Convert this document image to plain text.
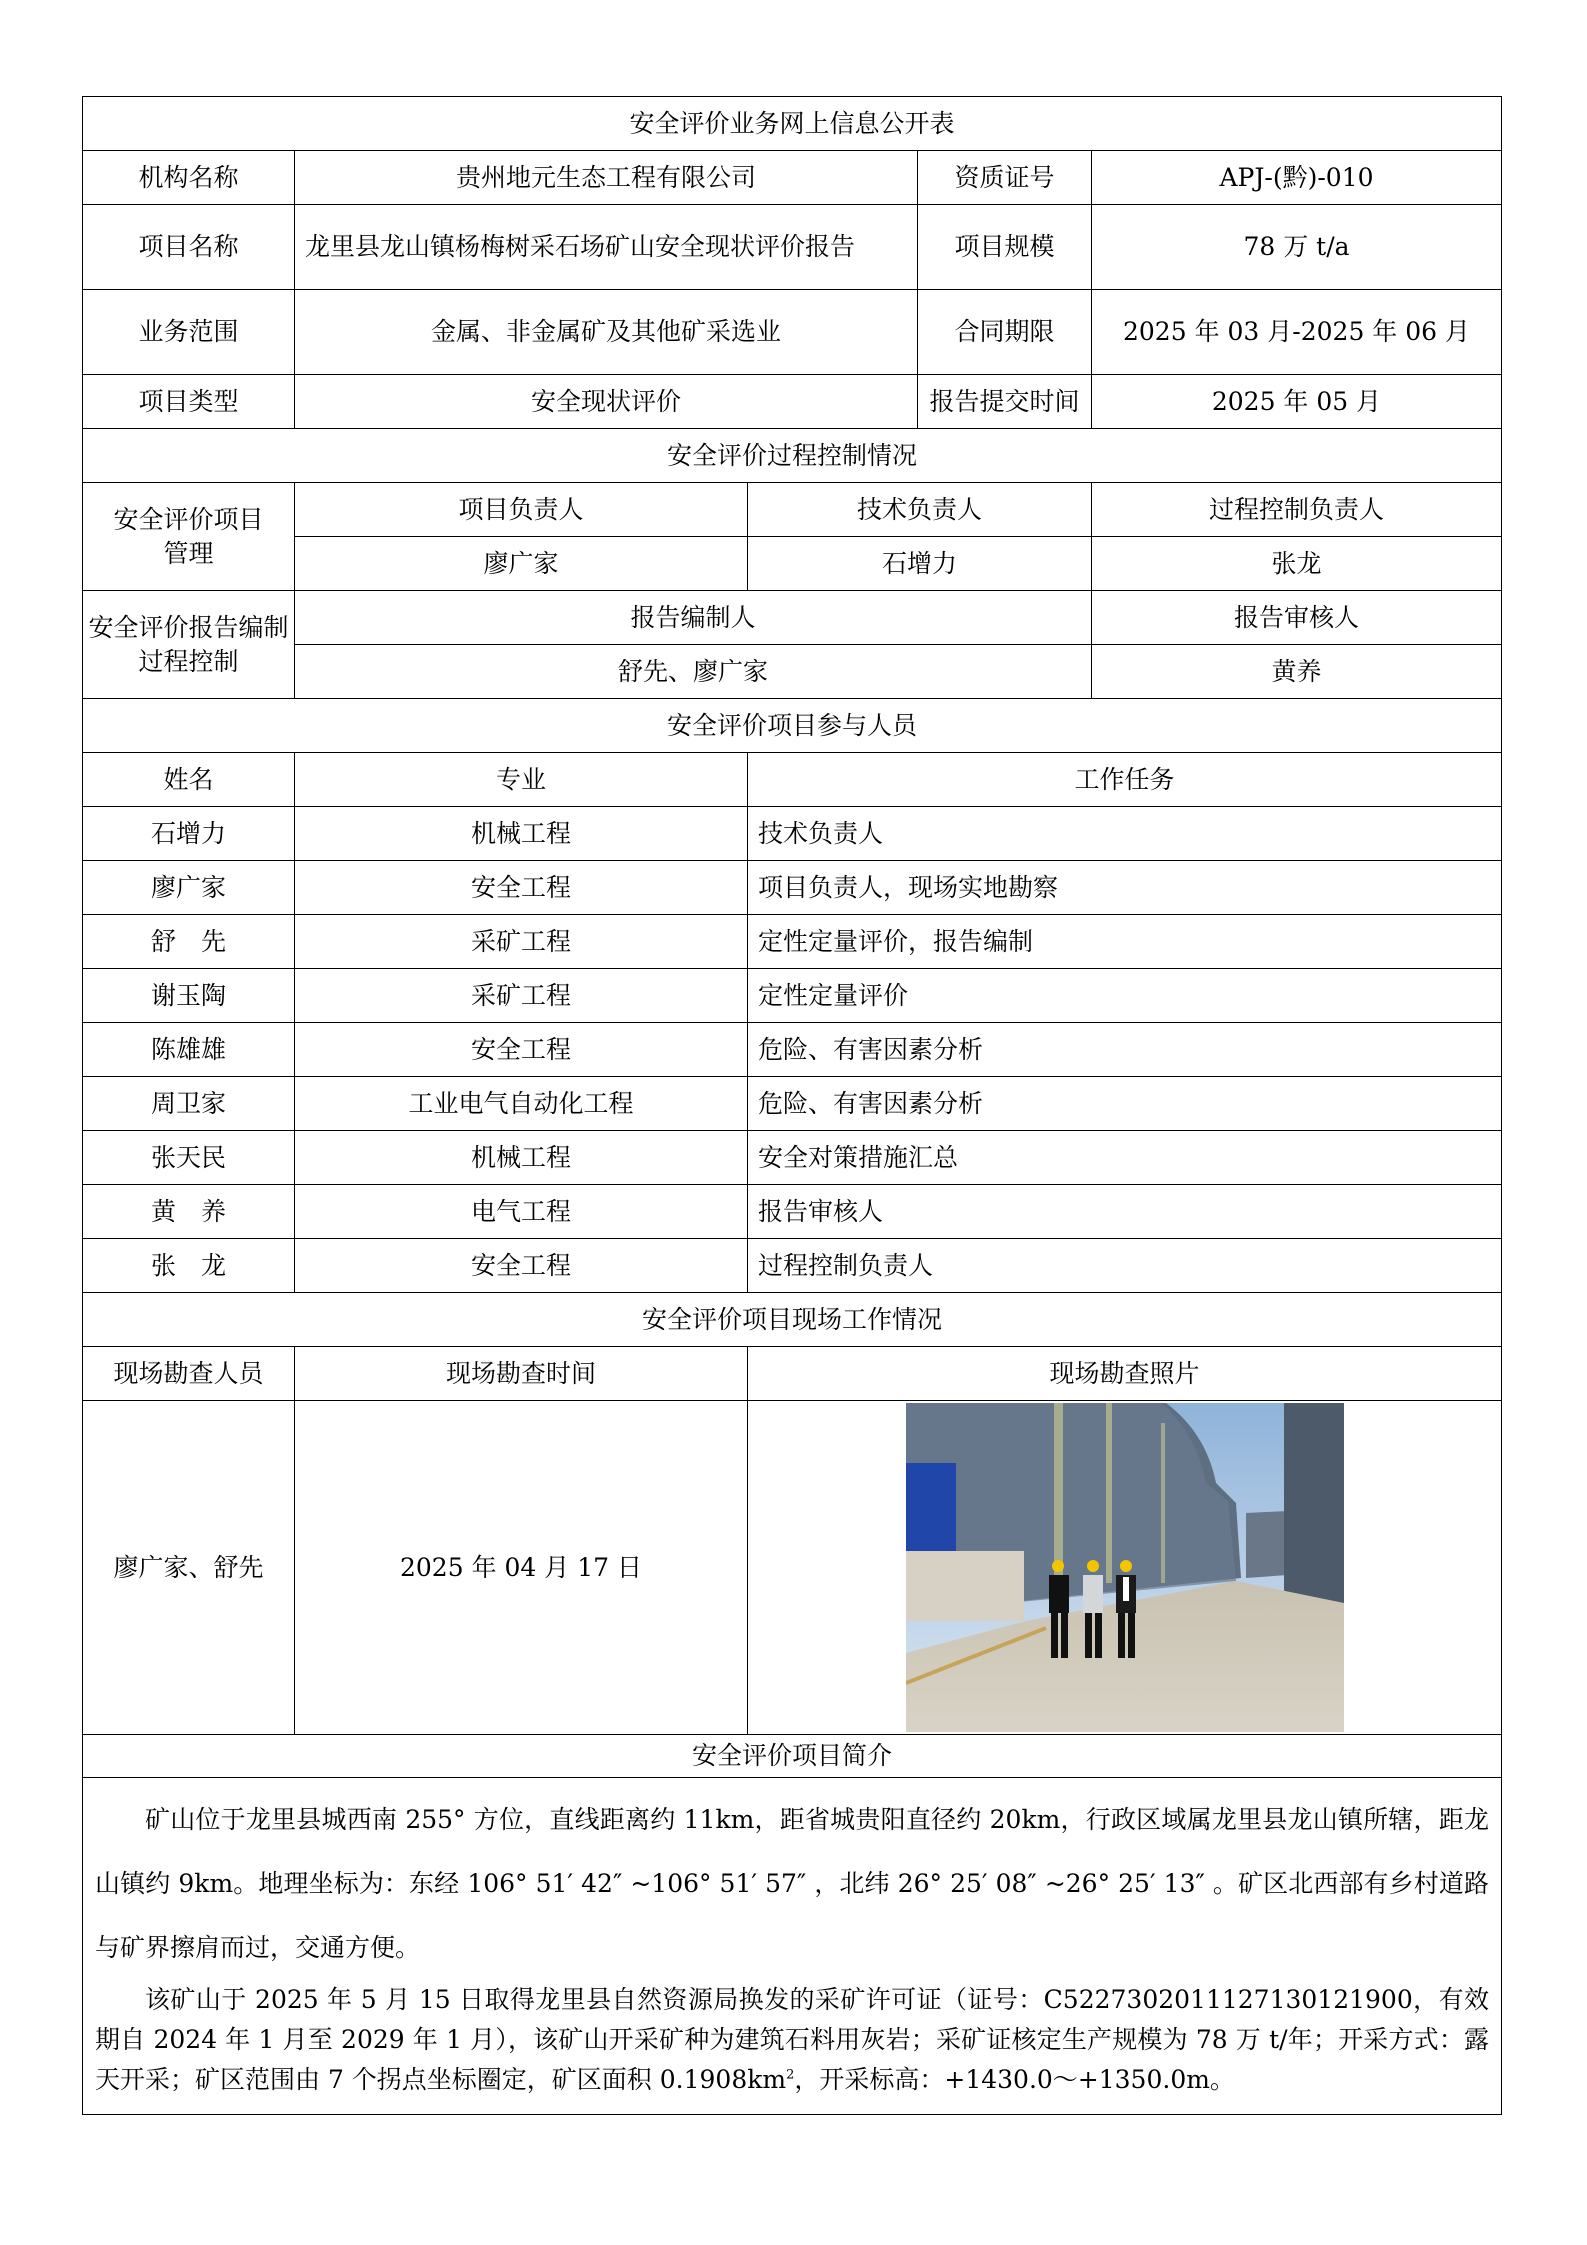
安全评价业务网上信息公开表				
机构名称	贵州地元生态工程有限公司		资质证号	APJ-(黔)-010
项目名称	龙里县龙山镇杨梅树采石场矿山安全现状评价报告		项目规模	78 万 t/a
业务范围	金属、非金属矿及其他矿采选业		合同期限	2025 年 03 月-2025 年 06 月
项目类型	安全现状评价		报告提交时间	2025 年 05 月
安全评价过程控制情况				
安全评价项目管理	项目负责人	技术负责人		过程控制负责人
	廖广家	石增力		张龙
安全评价报告编制过程控制	报告编制人			报告审核人
	舒先、廖广家			黄养
安全评价项目参与人员				
姓名	专业	工作任务		
石增力	机械工程	技术负责人		
廖广家	安全工程	项目负责人，现场实地勘察		
舒　先	采矿工程	定性定量评价，报告编制		
谢玉陶	采矿工程	定性定量评价		
陈雄雄	安全工程	危险、有害因素分析		
周卫家	工业电气自动化工程	危险、有害因素分析		
张天民	机械工程	安全对策措施汇总		
黄　养	电气工程	报告审核人		
张　龙	安全工程	过程控制负责人		
安全评价项目现场工作情况				
现场勘查人员	现场勘查时间	现场勘查照片		
廖广家、舒先	2025 年 04 月 17 日	

安全评价项目简介				

矿山位于龙里县城西南 255° 方位，直线距离约 11km，距省城贵阳直径约 20km，行政区域属龙里县龙山镇所辖，距龙山镇约 9km。地理坐标为：东经 106° 51′ 42″ ~106° 51′ 57″ ，北纬 26° 25′ 08″ ~26° 25′ 13″ 。矿区北西部有乡村道路与矿界擦肩而过，交通方便。

该矿山于 2025 年 5 月 15 日取得龙里县自然资源局换发的采矿许可证（证号：C5227302011127130121900，有效期自 2024 年 1 月至 2029 年 1 月），该矿山开采矿种为建筑石料用灰岩；采矿证核定生产规模为 78 万 t/年；开采方式：露天开采；矿区范围由 7 个拐点坐标圈定，矿区面积 $0.1908km^2$，开采标高：+1430.0～+1350.0m。				
